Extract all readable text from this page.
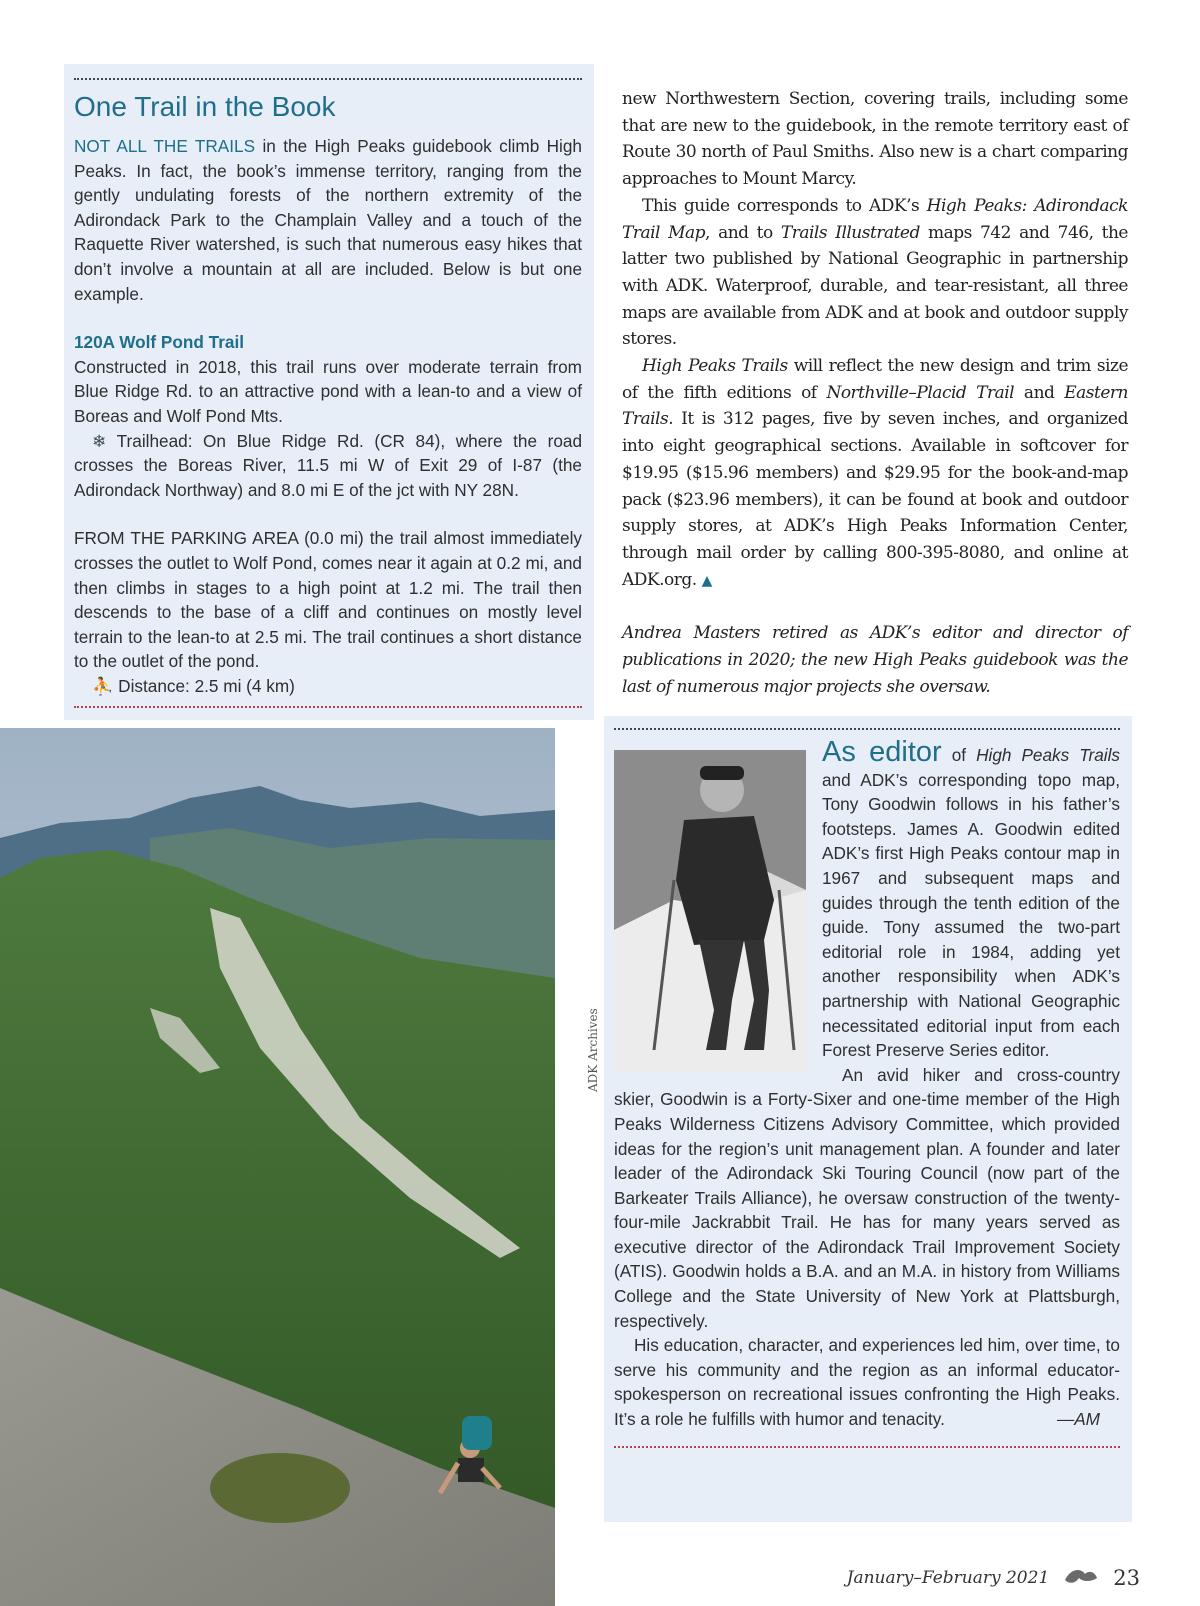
One Trail in the Book

NOT ALL THE TRAILS in the High Peaks guidebook climb High Peaks. In fact, the book’s immense territory, ranging from the gently undulating forests of the northern extremity of the Adirondack Park to the Champlain Valley and a touch of the Raquette River watershed, is such that numerous easy hikes that don’t involve a mountain at all are included. Below is but one example.

120A Wolf Pond Trail

Constructed in 2018, this trail runs over moderate terrain from Blue Ridge Rd. to an attractive pond with a lean-to and a view of Boreas and Wolf Pond Mts.

❄ Trailhead: On Blue Ridge Rd. (CR 84), where the road crosses the Boreas River, 11.5 mi W of Exit 29 of I-87 (the Adirondack Northway) and 8.0 mi E of the jct with NY 28N.

FROM THE PARKING AREA (0.0 mi) the trail almost immediately crosses the outlet to Wolf Pond, comes near it again at 0.2 mi, and then climbs in stages to a high point at 1.2 mi. The trail then descends to the base of a cliff and continues on mostly level terrain to the lean-to at 2.5 mi. The trail continues a short distance to the outlet of the pond.

⛹ Distance: 2.5 mi (4 km)

new Northwestern Section, covering trails, including some that are new to the guidebook, in the remote territory east of Route 30 north of Paul Smiths. Also new is a chart comparing approaches to Mount Marcy.

This guide corresponds to ADK’s High Peaks: Adirondack Trail Map, and to Trails Illustrated maps 742 and 746, the latter two published by National Geographic in partnership with ADK. Waterproof, durable, and tear-resistant, all three maps are available from ADK and at book and outdoor supply stores.

High Peaks Trails will reflect the new design and trim size of the fifth editions of Northville–Placid Trail and Eastern Trails. It is 312 pages, five by seven inches, and organized into eight geographical sections. Available in softcover for $19.95 ($15.96 members) and $29.95 for the book-and-map pack ($23.96 members), it can be found at book and outdoor supply stores, at ADK’s High Peaks Information Center, through mail order by calling 800-395-8080, and online at ADK.org. ▲

Andrea Masters retired as ADK’s editor and director of publications in 2020; the new High Peaks guidebook was the last of numerous major projects she oversaw.

ADK Archives

As editor of High Peaks Trails and ADK’s corresponding topo map, Tony Goodwin follows in his father’s footsteps. James A. Goodwin edited ADK’s first High Peaks contour map in 1967 and subsequent maps and guides through the tenth edition of the guide. Tony assumed the two-part editorial role in 1984, adding yet another responsibility when ADK’s partnership with National Geographic necessitated editorial input from each Forest Preserve Series editor.

An avid hiker and cross-country skier, Goodwin is a Forty-Sixer and one-time member of the High Peaks Wilderness Citizens Advisory Committee, which provided ideas for the region’s unit management plan. A founder and later leader of the Adirondack Ski Touring Council (now part of the Barkeater Trails Alliance), he oversaw construction of the twenty-four-mile Jackrabbit Trail. He has for many years served as executive director of the Adirondack Trail Improvement Society (ATIS). Goodwin holds a B.A. and an M.A. in history from Williams College and the State University of New York at Plattsburgh, respectively.

His education, character, and experiences led him, over time, to serve his community and the region as an informal educator-spokesperson on recreational issues confronting the High Peaks. It’s a role he fulfills with humor and tenacity.	—AM

January–February 2021	23
